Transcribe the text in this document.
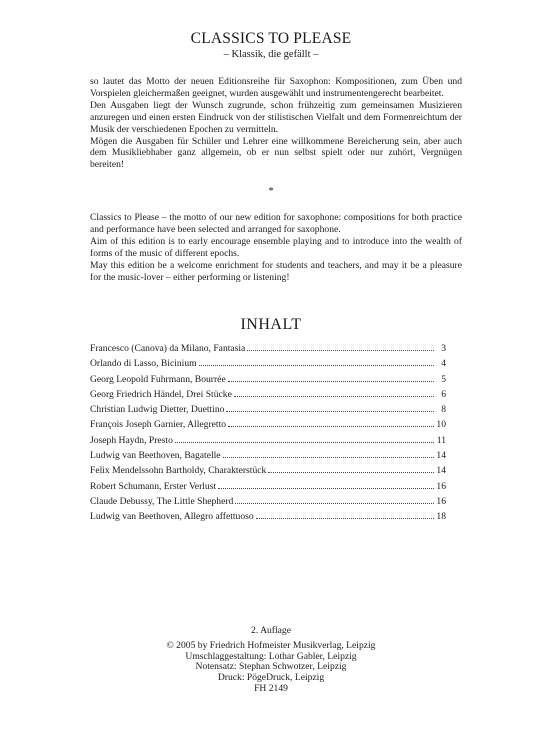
CLASSICS TO PLEASE
– Klassik, die gefällt –

so lautet das Motto der neuen Editionsreihe für Saxophon: Kompositionen, zum Üben und Vorspielen gleichermaßen geeignet, wurden ausgewählt und instrumentengerecht bearbeitet.

Den Ausgaben liegt der Wunsch zugrunde, schon frühzeitig zum gemeinsamen Musizieren anzuregen und einen ersten Eindruck von der stilistischen Vielfalt und dem Formenreichtum der Musik der verschiedenen Epochen zu vermitteln.

Mögen die Ausgaben für Schüler und Lehrer eine willkommene Bereicherung sein, aber auch dem Musikliebhaber ganz allgemein, ob er nun selbst spielt oder nur zuhört, Vergnügen bereiten!

*

Classics to Please – the motto of our new edition for saxophone: compositions for both practice and performance have been selected and arranged for saxophone.

Aim of this edition is to early encourage ensemble playing and to introduce into the wealth of forms of the music of different epochs.

May this edition be a welcome enrichment for students and teachers, and may it be a pleasure for the music-lover – either performing or listening!

INHALT
Francesco (Canova) da Milano, Fantasia	3
Orlando di Lasso, Bicinium	4
Georg Leopold Fuhrmann, Bourrée	5
Georg Friedrich Händel, Drei Stücke	6
Christian Ludwig Dietter, Duettino	8
François Joseph Garnier, Allegretto	10
Joseph Haydn, Presto	11
Ludwig van Beethoven, Bagatelle	14
Felix Mendelssohn Bartholdy, Charakterstück	14
Robert Schumann, Erster Verlust	16
Claude Debussy, The Little Shepherd	16
Ludwig van Beethoven, Allegro affettuoso	18
2. Auflage
© 2005 by Friedrich Hofmeister Musikverlag, Leipzig
Umschlaggestaltung: Lothar Gabler, Leipzig
Notensatz: Stephan Schwotzer, Leipzig
Druck: PögeDruck, Leipzig
FH 2149
